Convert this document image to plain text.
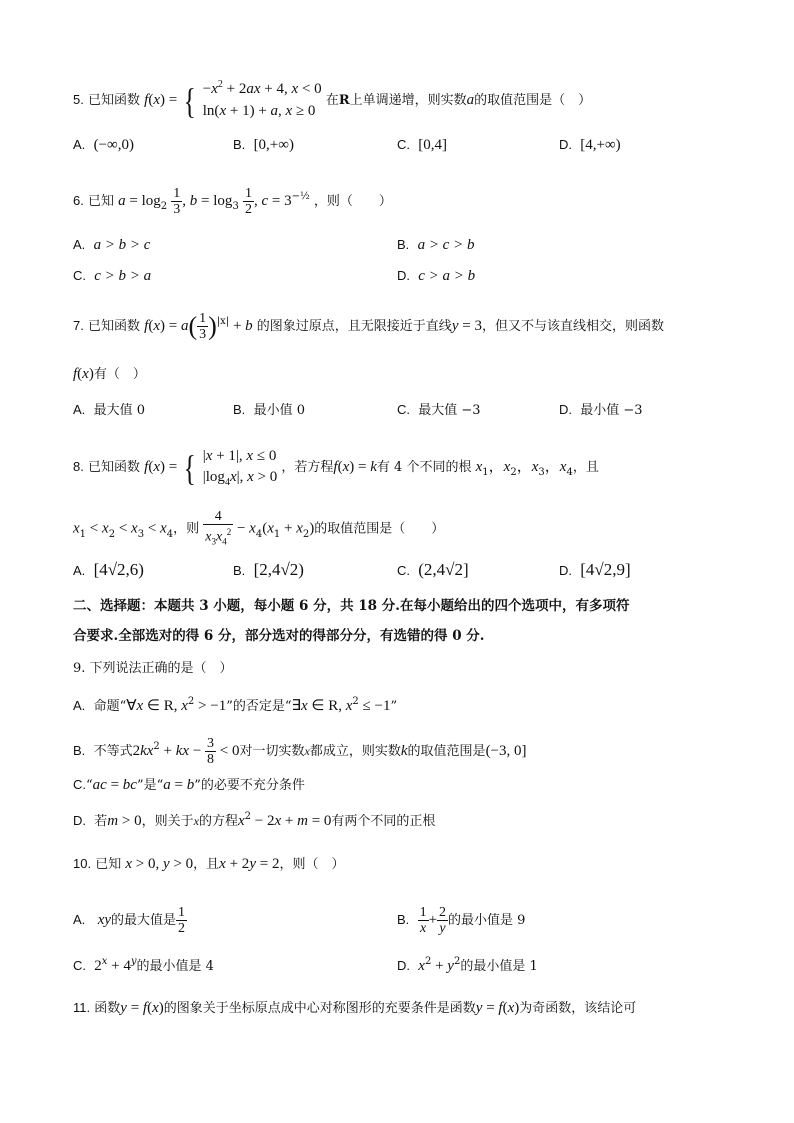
5. 已知函数 f(x) = { $-x^2 + 2ax + 4$, x < 0
ln(x + 1) + a, x ≥ 0
在R上单调递增，则实数a的取值范围是（　）
A. (−∞,0)	B. [0,+∞)	C. [0,4]	D. [4,+∞)
6. 已知 $a = \log_2 \frac{1}{3}$ , $b = \log_3 \frac{1}{2}$ , $c = 3^{-\frac{1}{2}}$ ，则（　　）
A. a > b > c	B. a > c > b
C. c > b > a	D. c > a > b
7. 已知函数 $f(x) = a( \frac{1}{3} )^{|x|} + b$ 的图象过原点，且无限接近于直线y = 3，但又不与该直线相交，则函数
f(x)有（　）
A. 最大值 0	B. 最小值 0	C. 最大值 −3	D. 最小值 −3
8. 已知函数 f(x) = { |x + 1|, x ≤ 0
$|\log_4x|$, x > 0
，若方程f(x) = k有 4 个不同的根 $x_1$，$x_2$，$x_3$，$x_4$，且
$x_1 < x_2 < x_3 < x_4$，则 $\frac{4}{x_3x_4^2} - x_4(x_1 + x_2)$的取值范围是（　　）
A. [4√2,6)	B. [2,4√2)	C. (2,4√2]	D. [4√2,9]
二、选择题：本题共 3 小题，每小题 6 分，共 18 分.在每小题给出的四个选项中，有多项符
合要求.全部选对的得 6 分，部分选对的得部分分，有选错的得 0 分.
9. 下列说法正确的是（　）
A. 命题“∀x ∈ R, $x^2 > -1$”的否定是“∃x ∈ R, $x^2 \le -1$”
B. 不等式$2kx^2$ + kx − $\frac{3}{8} < 0$对一切实数x都成立，则实数k的取值范围是(−3, 0]
C.“ac = bc”是“a = b”的必要不充分条件
D. 若m > 0，则关于x的方程$x^2 - 2x + m = 0$有两个不同的正根
10. 已知 x > 0, y > 0，且x + 2y = 2，则（　）
A. xy的最大值是 $\frac{1}{2}$	B. $\frac{1}{x} + \frac{2}{y}$ 的最小值是 9
C. $2^x + 4^y$的最小值是 4	D. $x^2 + y^2$的最小值是 1
11. 函数y = f(x)的图象关于坐标原点成中心对称图形的充要条件是函数y = f(x)为奇函数，该结论可
